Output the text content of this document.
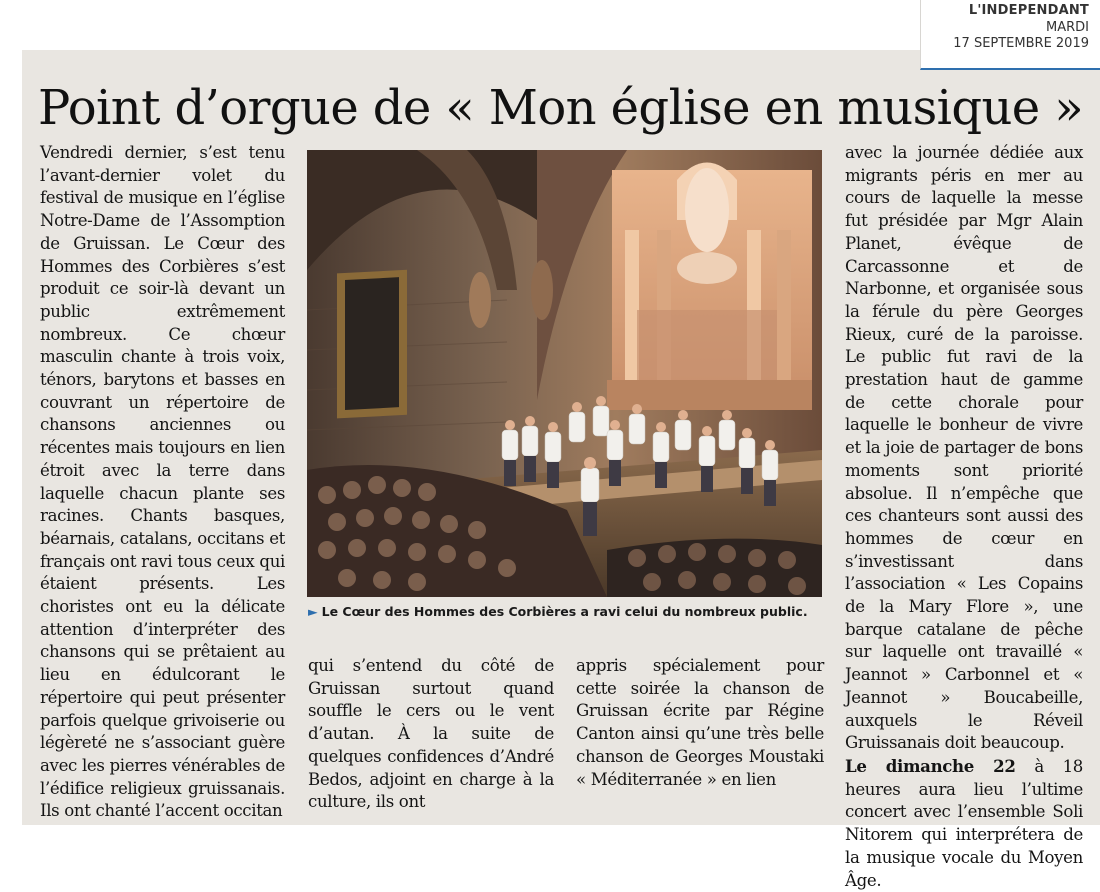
L'INDEPENDANT
MARDI
17 SEPTEMBRE 2019
Point d’orgue de « Mon église en musique »

Vendredi dernier, s’est tenu l’avant-dernier volet du festival de musique en l’église Notre-Dame de l’Assomption de Gruissan. Le Cœur des Hommes des Corbières s’est produit ce soir-là devant un public extrêmement nombreux. Ce chœur masculin chante à trois voix, ténors, barytons et basses en couvrant un répertoire de chansons anciennes ou récentes mais toujours en lien étroit avec la terre dans laquelle chacun plante ses racines. Chants basques, béarnais, catalans, occitans et français ont ravi tous ceux qui étaient présents. Les choristes ont eu la délicate attention d’interpréter des chansons qui se prêtaient au lieu en édulcorant le répertoire qui peut présenter parfois quelque grivoiserie ou légèreté ne s’associant guère avec les pierres vénérables de l’édifice religieux gruissanais. Ils ont chanté l’accent occitan

► Le Cœur des Hommes des Corbières a ravi celui du nombreux public.

qui s’entend du côté de Gruissan surtout quand souffle le cers ou le vent d’autan. À la suite de quelques confidences d’André Bedos, adjoint en charge à la culture, ils ont

appris spécialement pour cette soirée la chanson de Gruissan écrite par Régine Canton ainsi qu’une très belle chanson de Georges Moustaki « Méditerranée » en lien

avec la journée dédiée aux migrants péris en mer au cours de laquelle la messe fut présidée par Mgr Alain Planet, évêque de Carcassonne et de Narbonne, et organisée sous la férule du père Georges Rieux, curé de la paroisse. Le public fut ravi de la prestation haut de gamme de cette chorale pour laquelle le bonheur de vivre et la joie de partager de bons moments sont priorité absolue. Il n’empêche que ces chanteurs sont aussi des hommes de cœur en s’investissant dans l’association « Les Copains de la Mary Flore », une barque catalane de pêche sur laquelle ont travaillé « Jeannot » Carbonnel et « Jeannot » Boucabeille, auxquels le Réveil Gruissanais doit beaucoup.

Le dimanche 22 à 18 heures aura lieu l’ultime concert avec l’ensemble Soli Nitorem qui interprétera de la musique vocale du Moyen Âge.
